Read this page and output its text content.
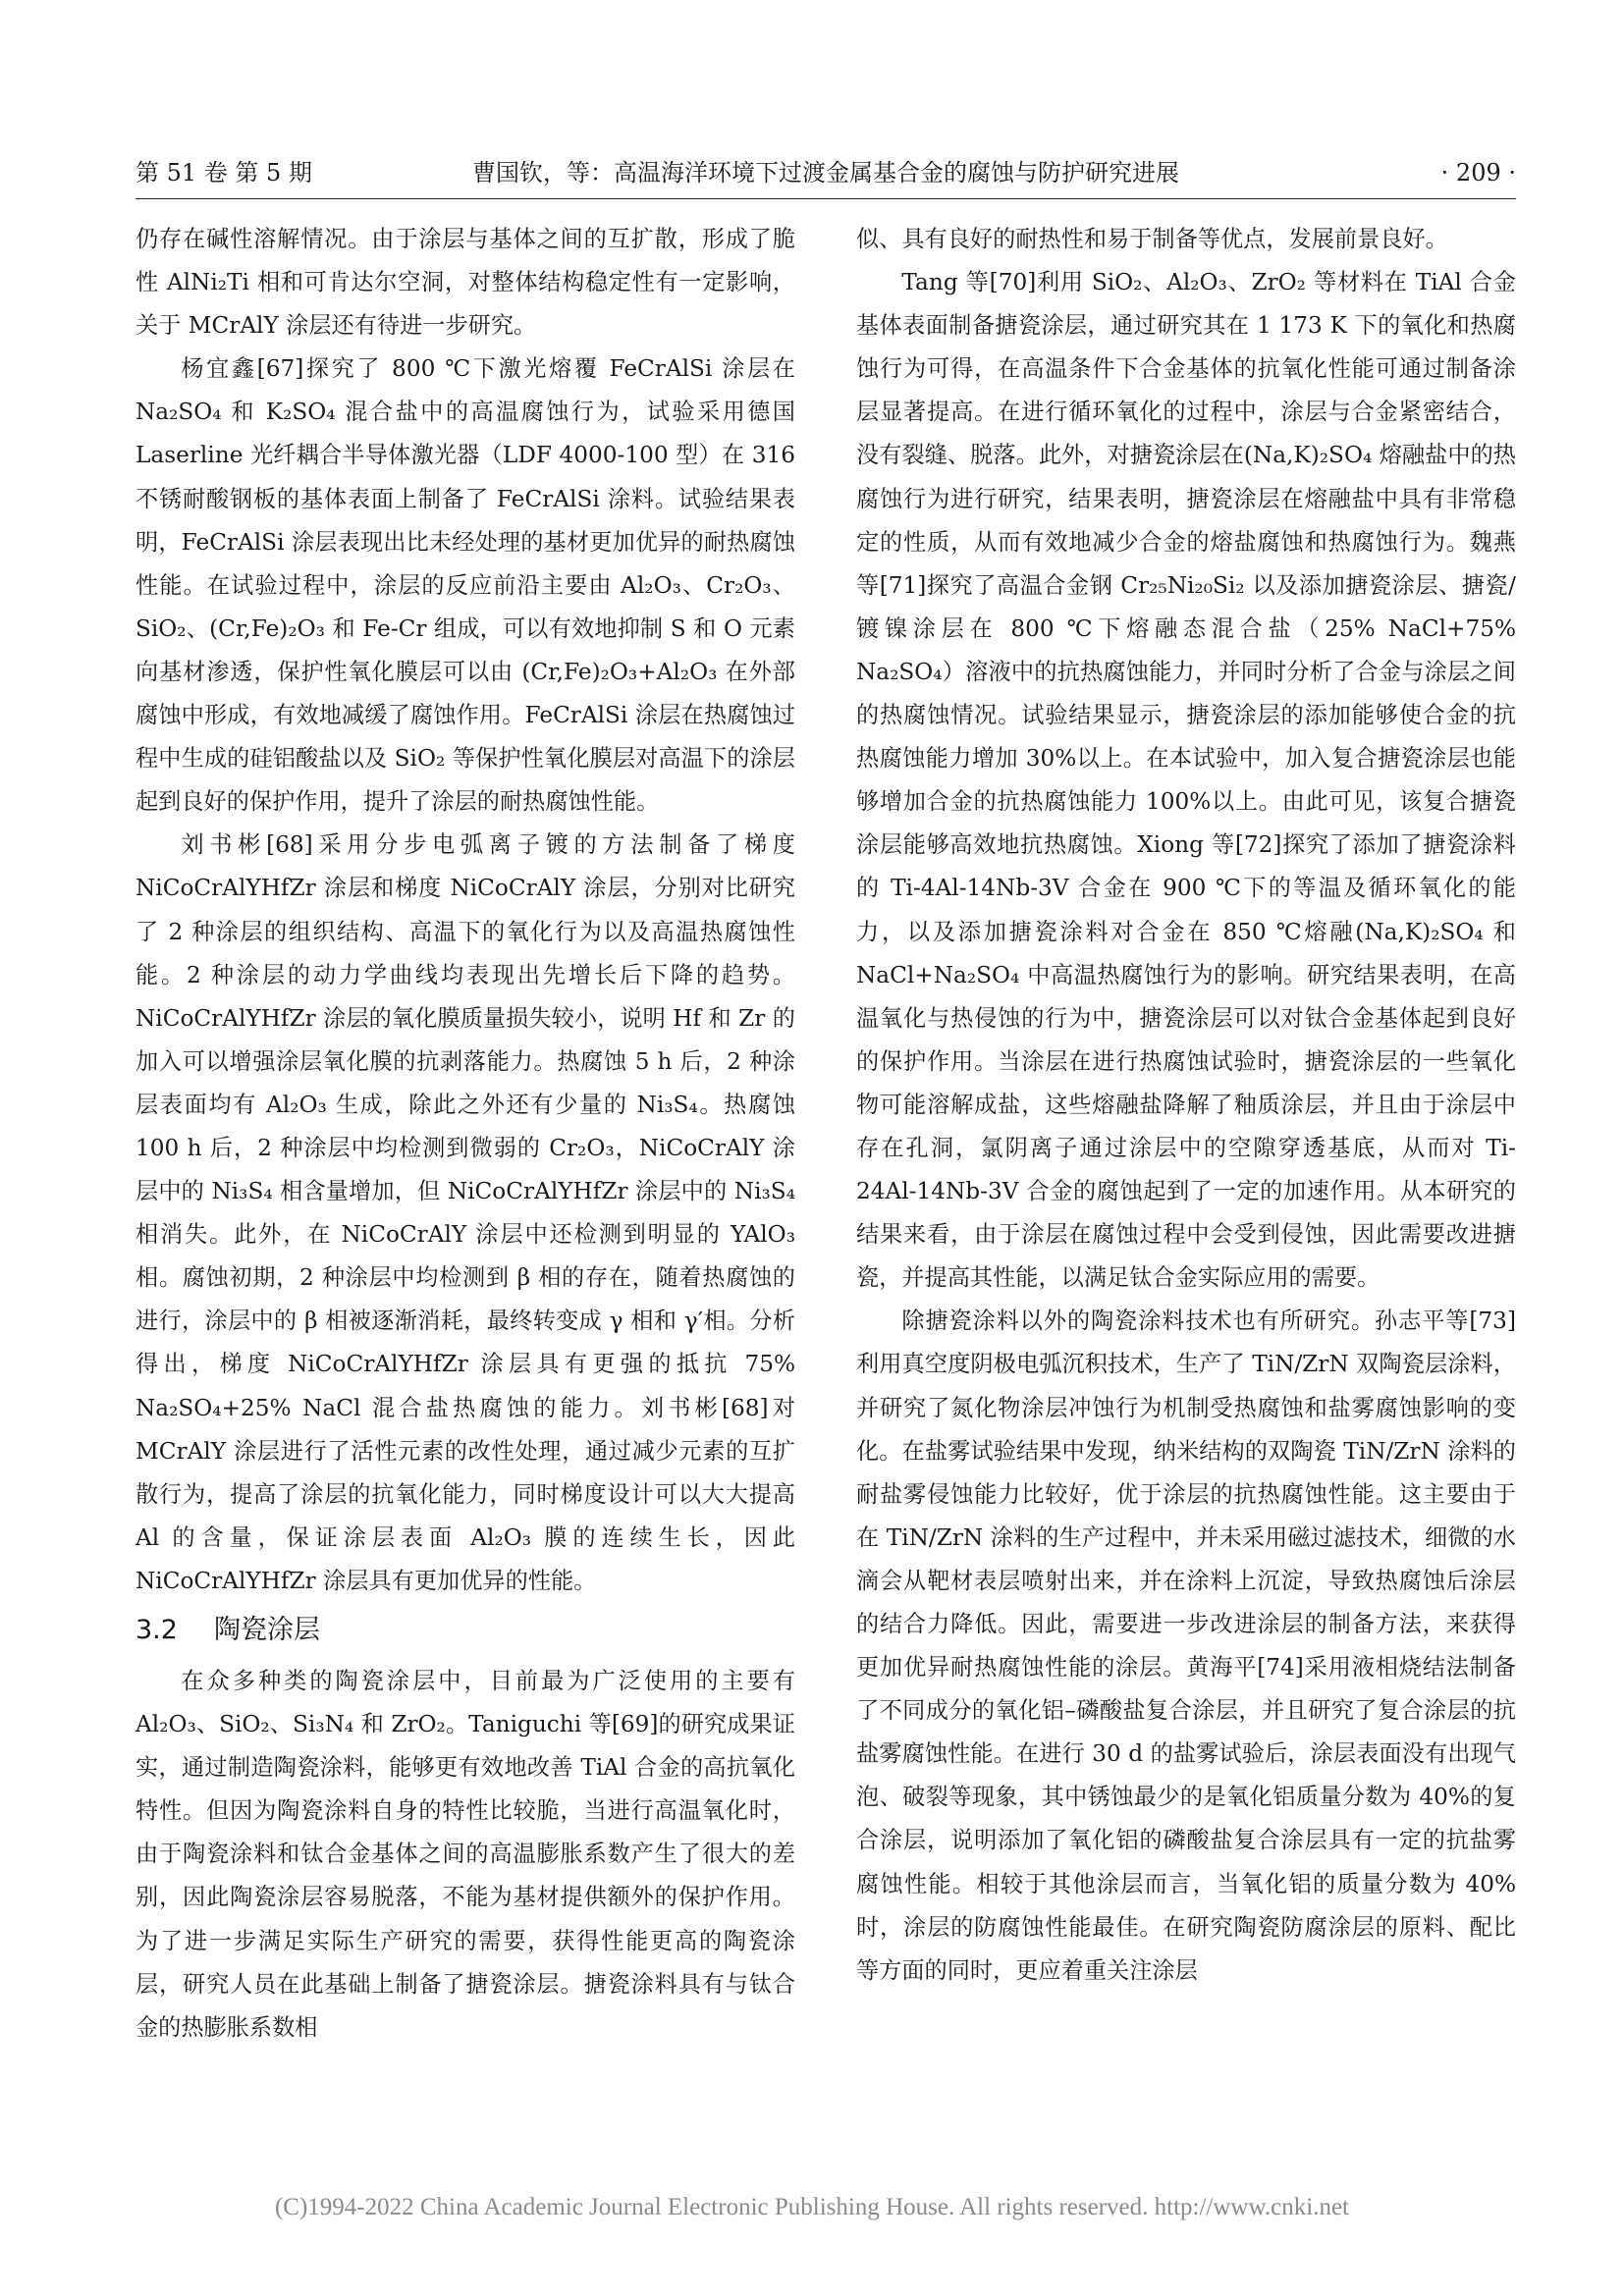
第 51 卷 第 5 期	曹国钦，等：高温海洋环境下过渡金属基合金的腐蚀与防护研究进展	· 209 ·

仍存在碱性溶解情况。由于涂层与基体之间的互扩散，形成了脆性 AlNi₂Ti 相和可肯达尔空洞，对整体结构稳定性有一定影响，关于 MCrAlY 涂层还有待进一步研究。

杨宜鑫[67]探究了 800 ℃下激光熔覆 FeCrAlSi 涂层在 Na₂SO₄ 和 K₂SO₄ 混合盐中的高温腐蚀行为，试验采用德国 Laserline 光纤耦合半导体激光器（LDF 4000-100 型）在 316 不锈耐酸钢板的基体表面上制备了 FeCrAlSi 涂料。试验结果表明，FeCrAlSi 涂层表现出比未经处理的基材更加优异的耐热腐蚀性能。在试验过程中，涂层的反应前沿主要由 Al₂O₃、Cr₂O₃、SiO₂、(Cr,Fe)₂O₃ 和 Fe-Cr 组成，可以有效地抑制 S 和 O 元素向基材渗透，保护性氧化膜层可以由 (Cr,Fe)₂O₃+Al₂O₃ 在外部腐蚀中形成，有效地减缓了腐蚀作用。FeCrAlSi 涂层在热腐蚀过程中生成的硅铝酸盐以及 SiO₂ 等保护性氧化膜层对高温下的涂层起到良好的保护作用，提升了涂层的耐热腐蚀性能。

刘书彬[68]采用分步电弧离子镀的方法制备了梯度 NiCoCrAlYHfZr 涂层和梯度 NiCoCrAlY 涂层，分别对比研究了 2 种涂层的组织结构、高温下的氧化行为以及高温热腐蚀性能。2 种涂层的动力学曲线均表现出先增长后下降的趋势。NiCoCrAlYHfZr 涂层的氧化膜质量损失较小，说明 Hf 和 Zr 的加入可以增强涂层氧化膜的抗剥落能力。热腐蚀 5 h 后，2 种涂层表面均有 Al₂O₃ 生成，除此之外还有少量的 Ni₃S₄。热腐蚀 100 h 后，2 种涂层中均检测到微弱的 Cr₂O₃，NiCoCrAlY 涂层中的 Ni₃S₄ 相含量增加，但 NiCoCrAlYHfZr 涂层中的 Ni₃S₄ 相消失。此外，在 NiCoCrAlY 涂层中还检测到明显的 YAlO₃ 相。腐蚀初期，2 种涂层中均检测到 β 相的存在，随着热腐蚀的进行，涂层中的 β 相被逐渐消耗，最终转变成 γ 相和 γ′相。分析得出，梯度 NiCoCrAlYHfZr 涂层具有更强的抵抗 75% Na₂SO₄+25% NaCl 混合盐热腐蚀的能力。刘书彬[68]对 MCrAlY 涂层进行了活性元素的改性处理，通过减少元素的互扩散行为，提高了涂层的抗氧化能力，同时梯度设计可以大大提高 Al 的含量，保证涂层表面 Al₂O₃ 膜的连续生长，因此 NiCoCrAlYHfZr 涂层具有更加优异的性能。

3.2 陶瓷涂层

在众多种类的陶瓷涂层中，目前最为广泛使用的主要有 Al₂O₃、SiO₂、Si₃N₄ 和 ZrO₂。Taniguchi 等[69]的研究成果证实，通过制造陶瓷涂料，能够更有效地改善 TiAl 合金的高抗氧化特性。但因为陶瓷涂料自身的特性比较脆，当进行高温氧化时，由于陶瓷涂料和钛合金基体之间的高温膨胀系数产生了很大的差别，因此陶瓷涂层容易脱落，不能为基材提供额外的保护作用。为了进一步满足实际生产研究的需要，获得性能更高的陶瓷涂层，研究人员在此基础上制备了搪瓷涂层。搪瓷涂料具有与钛合金的热膨胀系数相

似、具有良好的耐热性和易于制备等优点，发展前景良好。

Tang 等[70]利用 SiO₂、Al₂O₃、ZrO₂ 等材料在 TiAl 合金基体表面制备搪瓷涂层，通过研究其在 1 173 K 下的氧化和热腐蚀行为可得，在高温条件下合金基体的抗氧化性能可通过制备涂层显著提高。在进行循环氧化的过程中，涂层与合金紧密结合，没有裂缝、脱落。此外，对搪瓷涂层在(Na,K)₂SO₄ 熔融盐中的热腐蚀行为进行研究，结果表明，搪瓷涂层在熔融盐中具有非常稳定的性质，从而有效地减少合金的熔盐腐蚀和热腐蚀行为。魏燕等[71]探究了高温合金钢 Cr₂₅Ni₂₀Si₂ 以及添加搪瓷涂层、搪瓷/镀镍涂层在 800 ℃下熔融态混合盐（25% NaCl+75% Na₂SO₄）溶液中的抗热腐蚀能力，并同时分析了合金与涂层之间的热腐蚀情况。试验结果显示，搪瓷涂层的添加能够使合金的抗热腐蚀能力增加 30%以上。在本试验中，加入复合搪瓷涂层也能够增加合金的抗热腐蚀能力 100%以上。由此可见，该复合搪瓷涂层能够高效地抗热腐蚀。Xiong 等[72]探究了添加了搪瓷涂料的 Ti-4Al-14Nb-3V 合金在 900 ℃下的等温及循环氧化的能力，以及添加搪瓷涂料对合金在 850 ℃熔融(Na,K)₂SO₄ 和 NaCl+Na₂SO₄ 中高温热腐蚀行为的影响。研究结果表明，在高温氧化与热侵蚀的行为中，搪瓷涂层可以对钛合金基体起到良好的保护作用。当涂层在进行热腐蚀试验时，搪瓷涂层的一些氧化物可能溶解成盐，这些熔融盐降解了釉质涂层，并且由于涂层中存在孔洞，氯阴离子通过涂层中的空隙穿透基底，从而对 Ti-24Al-14Nb-3V 合金的腐蚀起到了一定的加速作用。从本研究的结果来看，由于涂层在腐蚀过程中会受到侵蚀，因此需要改进搪瓷，并提高其性能，以满足钛合金实际应用的需要。

除搪瓷涂料以外的陶瓷涂料技术也有所研究。孙志平等[73]利用真空度阴极电弧沉积技术，生产了 TiN/ZrN 双陶瓷层涂料，并研究了氮化物涂层冲蚀行为机制受热腐蚀和盐雾腐蚀影响的变化。在盐雾试验结果中发现，纳米结构的双陶瓷 TiN/ZrN 涂料的耐盐雾侵蚀能力比较好，优于涂层的抗热腐蚀性能。这主要由于在 TiN/ZrN 涂料的生产过程中，并未采用磁过滤技术，细微的水滴会从靶材表层喷射出来，并在涂料上沉淀，导致热腐蚀后涂层的结合力降低。因此，需要进一步改进涂层的制备方法，来获得更加优异耐热腐蚀性能的涂层。黄海平[74]采用液相烧结法制备了不同成分的氧化铝–磷酸盐复合涂层，并且研究了复合涂层的抗盐雾腐蚀性能。在进行 30 d 的盐雾试验后，涂层表面没有出现气泡、破裂等现象，其中锈蚀最少的是氧化铝质量分数为 40%的复合涂层，说明添加了氧化铝的磷酸盐复合涂层具有一定的抗盐雾腐蚀性能。相较于其他涂层而言，当氧化铝的质量分数为 40%时，涂层的防腐蚀性能最佳。在研究陶瓷防腐涂层的原料、配比等方面的同时，更应着重关注涂层

(C)1994-2022 China Academic Journal Electronic Publishing House. All rights reserved. http://www.cnki.net
